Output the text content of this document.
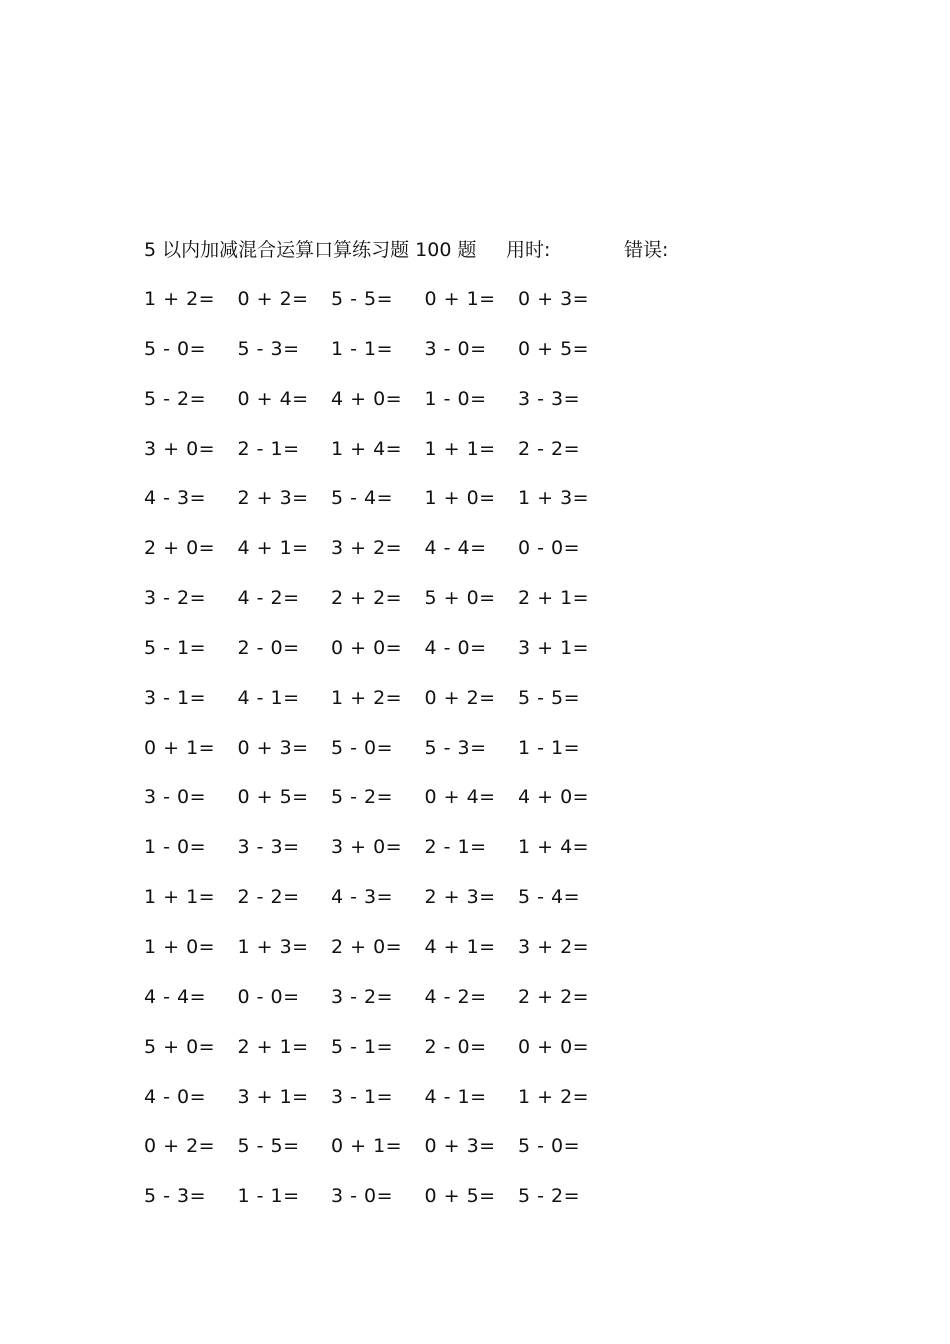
5 以内加减混合运算口算练习题 100 题 用时:	错误:
1 + 2= 0 + 2= 5 - 5= 0 + 1= 0 + 3=
5 - 0= 5 - 3= 1 - 1= 3 - 0= 0 + 5=
5 - 2= 0 + 4= 4 + 0= 1 - 0= 3 - 3=
3 + 0= 2 - 1= 1 + 4= 1 + 1= 2 - 2=
4 - 3= 2 + 3= 5 - 4= 1 + 0= 1 + 3=
2 + 0= 4 + 1= 3 + 2= 4 - 4= 0 - 0=
3 - 2= 4 - 2= 2 + 2= 5 + 0= 2 + 1=
5 - 1= 2 - 0= 0 + 0= 4 - 0= 3 + 1=
3 - 1= 4 - 1= 1 + 2= 0 + 2= 5 - 5=
0 + 1= 0 + 3= 5 - 0= 5 - 3= 1 - 1=
3 - 0= 0 + 5= 5 - 2= 0 + 4= 4 + 0=
1 - 0= 3 - 3= 3 + 0= 2 - 1= 1 + 4=
1 + 1= 2 - 2= 4 - 3= 2 + 3= 5 - 4=
1 + 0= 1 + 3= 2 + 0= 4 + 1= 3 + 2=
4 - 4= 0 - 0= 3 - 2= 4 - 2= 2 + 2=
5 + 0= 2 + 1= 5 - 1= 2 - 0= 0 + 0=
4 - 0= 3 + 1= 3 - 1= 4 - 1= 1 + 2=
0 + 2= 5 - 5= 0 + 1= 0 + 3= 5 - 0=
5 - 3= 1 - 1= 3 - 0= 0 + 5= 5 - 2=
